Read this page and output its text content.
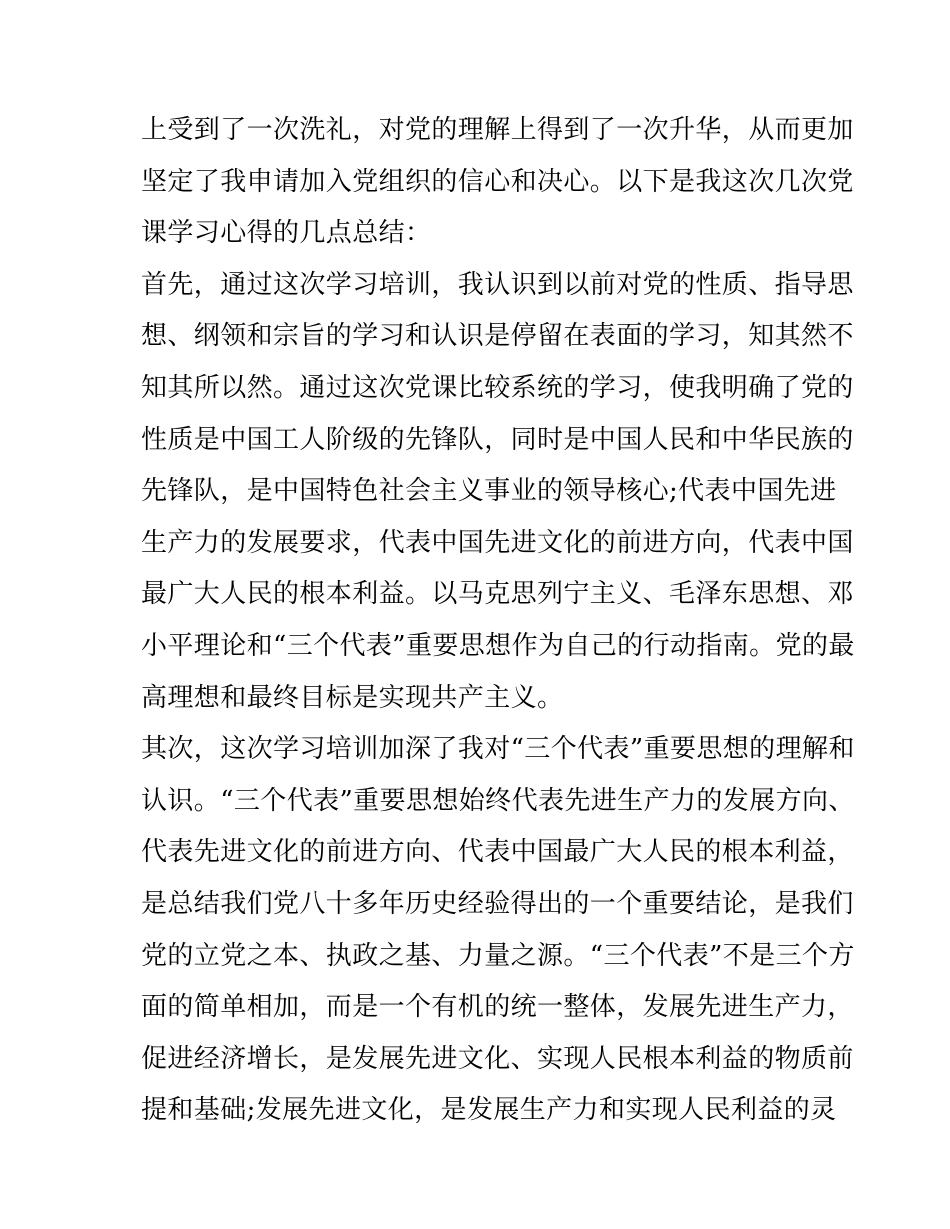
上受到了一次洗礼，对党的理解上得到了一次升华，从而更加
坚定了我申请加入党组织的信心和决心。以下是我这次几次党
课学习心得的几点总结：
首先，通过这次学习培训，我认识到以前对党的性质、指导思
想、纲领和宗旨的学习和认识是停留在表面的学习，知其然不
知其所以然。通过这次党课比较系统的学习，使我明确了党的
性质是中国工人阶级的先锋队，同时是中国人民和中华民族的
先锋队，是中国特色社会主义事业的领导核心;代表中国先进
生产力的发展要求，代表中国先进文化的前进方向，代表中国
最广大人民的根本利益。以马克思列宁主义、毛泽东思想、邓
小平理论和“三个代表”重要思想作为自己的行动指南。党的最
高理想和最终目标是实现共产主义。
其次，这次学习培训加深了我对“三个代表”重要思想的理解和
认识。“三个代表”重要思想始终代表先进生产力的发展方向、
代表先进文化的前进方向、代表中国最广大人民的根本利益，
是总结我们党八十多年历史经验得出的一个重要结论，是我们
党的立党之本、执政之基、力量之源。“三个代表”不是三个方
面的简单相加，而是一个有机的统一整体，发展先进生产力，
促进经济增长，是发展先进文化、实现人民根本利益的物质前
提和基础;发展先进文化，是发展生产力和实现人民利益的灵
